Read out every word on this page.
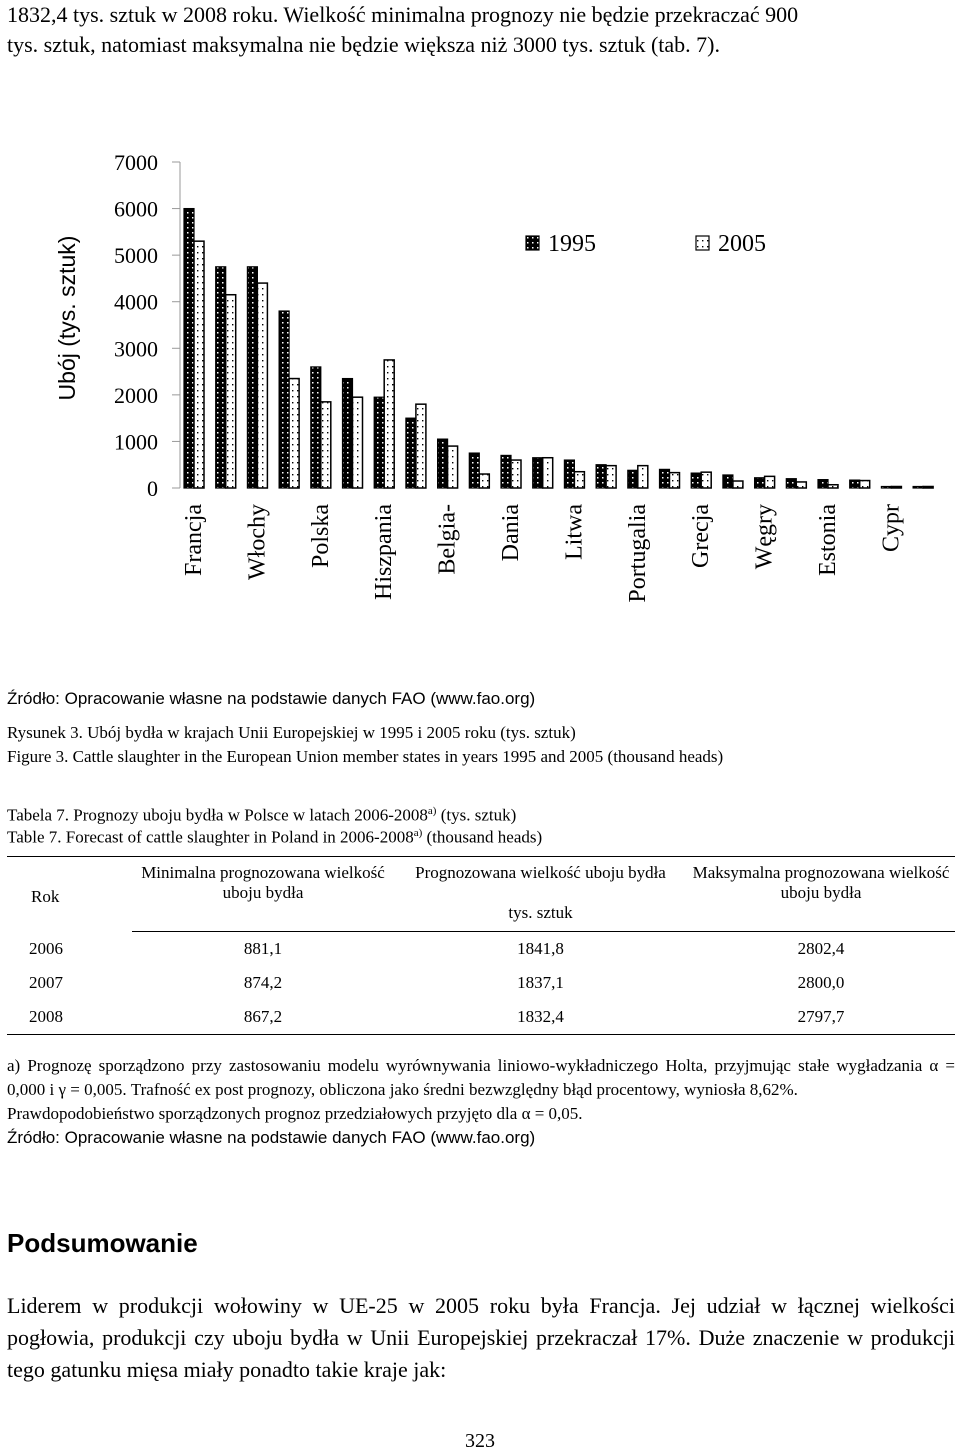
1832,4 tys. sztuk w 2008 roku. Wielkość minimalna prognozy nie będzie przekraczać 900

tys. sztuk, natomiast maksymalna nie będzie większa niż 3000 tys. sztuk (tab. 7).

0
1000
2000
3000
4000
5000
6000
7000
Ubój (tys. sztuk)
Francja Włochy Polska Hiszpania Belgia- Dania Litwa Portugalia Grecja Węgry Estonia Cypr
1995	2005
Źródło: Opracowanie własne na podstawie danych FAO (www.fao.org)
Rysunek 3. Ubój bydła w krajach Unii Europejskiej w 1995 i 2005 roku (tys. sztuk)
Figure 3. Cattle slaughter in the European Union member states in years 1995 and 2005 (thousand heads)
Tabela 7. Prognozy uboju bydła w Polsce w latach 2006-2008$^{a)}$ (tys. sztuk)
Table 7. Forecast of cattle slaughter in Poland in 2006-2008$^{a)}$ (thousand heads)
Rok	Minimalna prognozowana wielkość uboju bydła	Prognozowana wielkość uboju bydła	Maksymalna prognozowana wielkość uboju bydła
		tys. sztuk	
2006	881,1	1841,8	2802,4
2007	874,2	1837,1	2800,0
2008	867,2	1832,4	2797,7

a) Prognozę sporządzono przy zastosowaniu modelu wyrównywania liniowo-wykładniczego Holta, przyjmując stałe wygładzania α = 0,000 i γ = 0,005. Trafność ex post prognozy, obliczona jako średni bezwzględny błąd procentowy, wyniosła 8,62%.

Prawdopodobieństwo sporządzonych prognoz przedziałowych przyjęto dla α = 0,05.

Źródło: Opracowanie własne na podstawie danych FAO (www.fao.org)

Podsumowanie
Liderem w produkcji wołowiny w UE-25 w 2005 roku była Francja. Jej udział w łącznej wielkości pogłowia, produkcji czy uboju bydła w Unii Europejskiej przekraczał 17%. Duże znaczenie w produkcji tego gatunku mięsa miały ponadto takie kraje jak:
323
